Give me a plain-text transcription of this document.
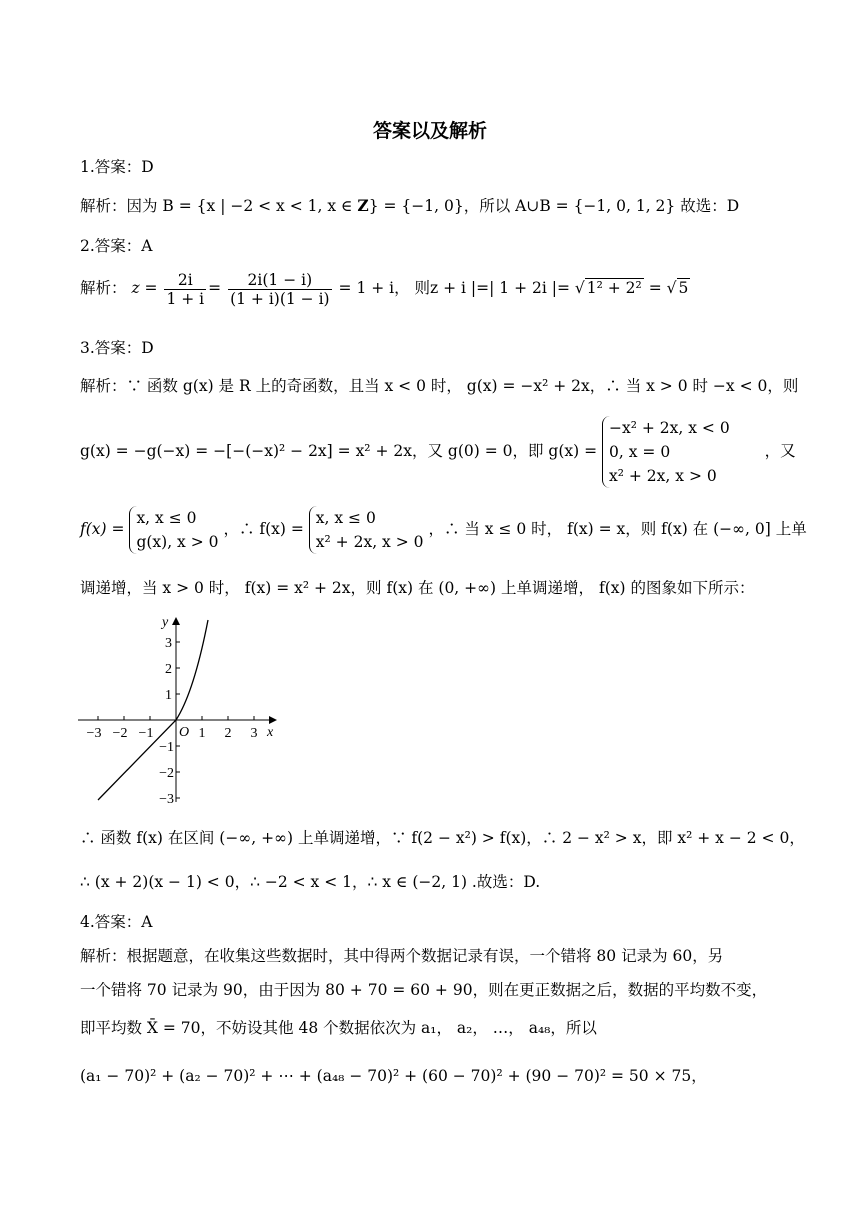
答案以及解析
1.答案：D
解析：因为 B = {x | −2 < x < 1, x ∈ Z} = {−1, 0}，所以 A∪B = {−1, 0, 1, 2} 故选：D
2.答案：A
解析： $z = \frac{2i}{1 + i} = \frac{2i(1 - i)}{(1 + i)(1 - i)} = 1 + i$， 则z + i |=| 1 + 2i |= √ 1² + 2² = √ 5
3.答案：D
解析：∵ 函数 g(x) 是 R 上的奇函数，且当 x < 0 时， g(x) = −x² + 2x，∴ 当 x > 0 时 −x < 0，则
g(x) = −g(−x) = −[−(−x)² − 2x] = x² + 2x，又 g(0) = 0，即 g(x) =
−x² + 2x, x < 0
0, x = 0
x² + 2x, x > 0
，又
f(x) =
x, x ≤ 0
g(x), x > 0
，∴ f(x) =
x, x ≤ 0
x² + 2x, x > 0
，∴ 当 x ≤ 0 时， f(x) = x，则 f(x) 在 (−∞, 0] 上单
调递增，当 x > 0 时， f(x) = x² + 2x，则 f(x) 在 (0, +∞) 上单调递增， f(x) 的图象如下所示：
−3 −2 −1	1 2 3
3
2
1
−1
−2
−3
O	x
y
∴ 函数 f(x) 在区间 (−∞, +∞) 上单调递增，∵ f(2 − x²) > f(x)，∴ 2 − x² > x，即 x² + x − 2 < 0，
∴ (x + 2)(x − 1) < 0，∴ −2 < x < 1，∴ x ∈ (−2, 1) .故选：D.
4.答案：A
解析：根据题意，在收集这些数据时，其中得两个数据记录有误，一个错将 80 记录为 60，另
一个错将 70 记录为 90，由于因为 80 + 70 = 60 + 90，则在更正数据之后，数据的平均数不变，
即平均数 X̄ = 70，不妨设其他 48 个数据依次为 a₁， a₂， …， a₄₈，所以
(a₁ − 70)² + (a₂ − 70)² + ⋯ + (a₄₈ − 70)² + (60 − 70)² + (90 − 70)² = 50 × 75，
